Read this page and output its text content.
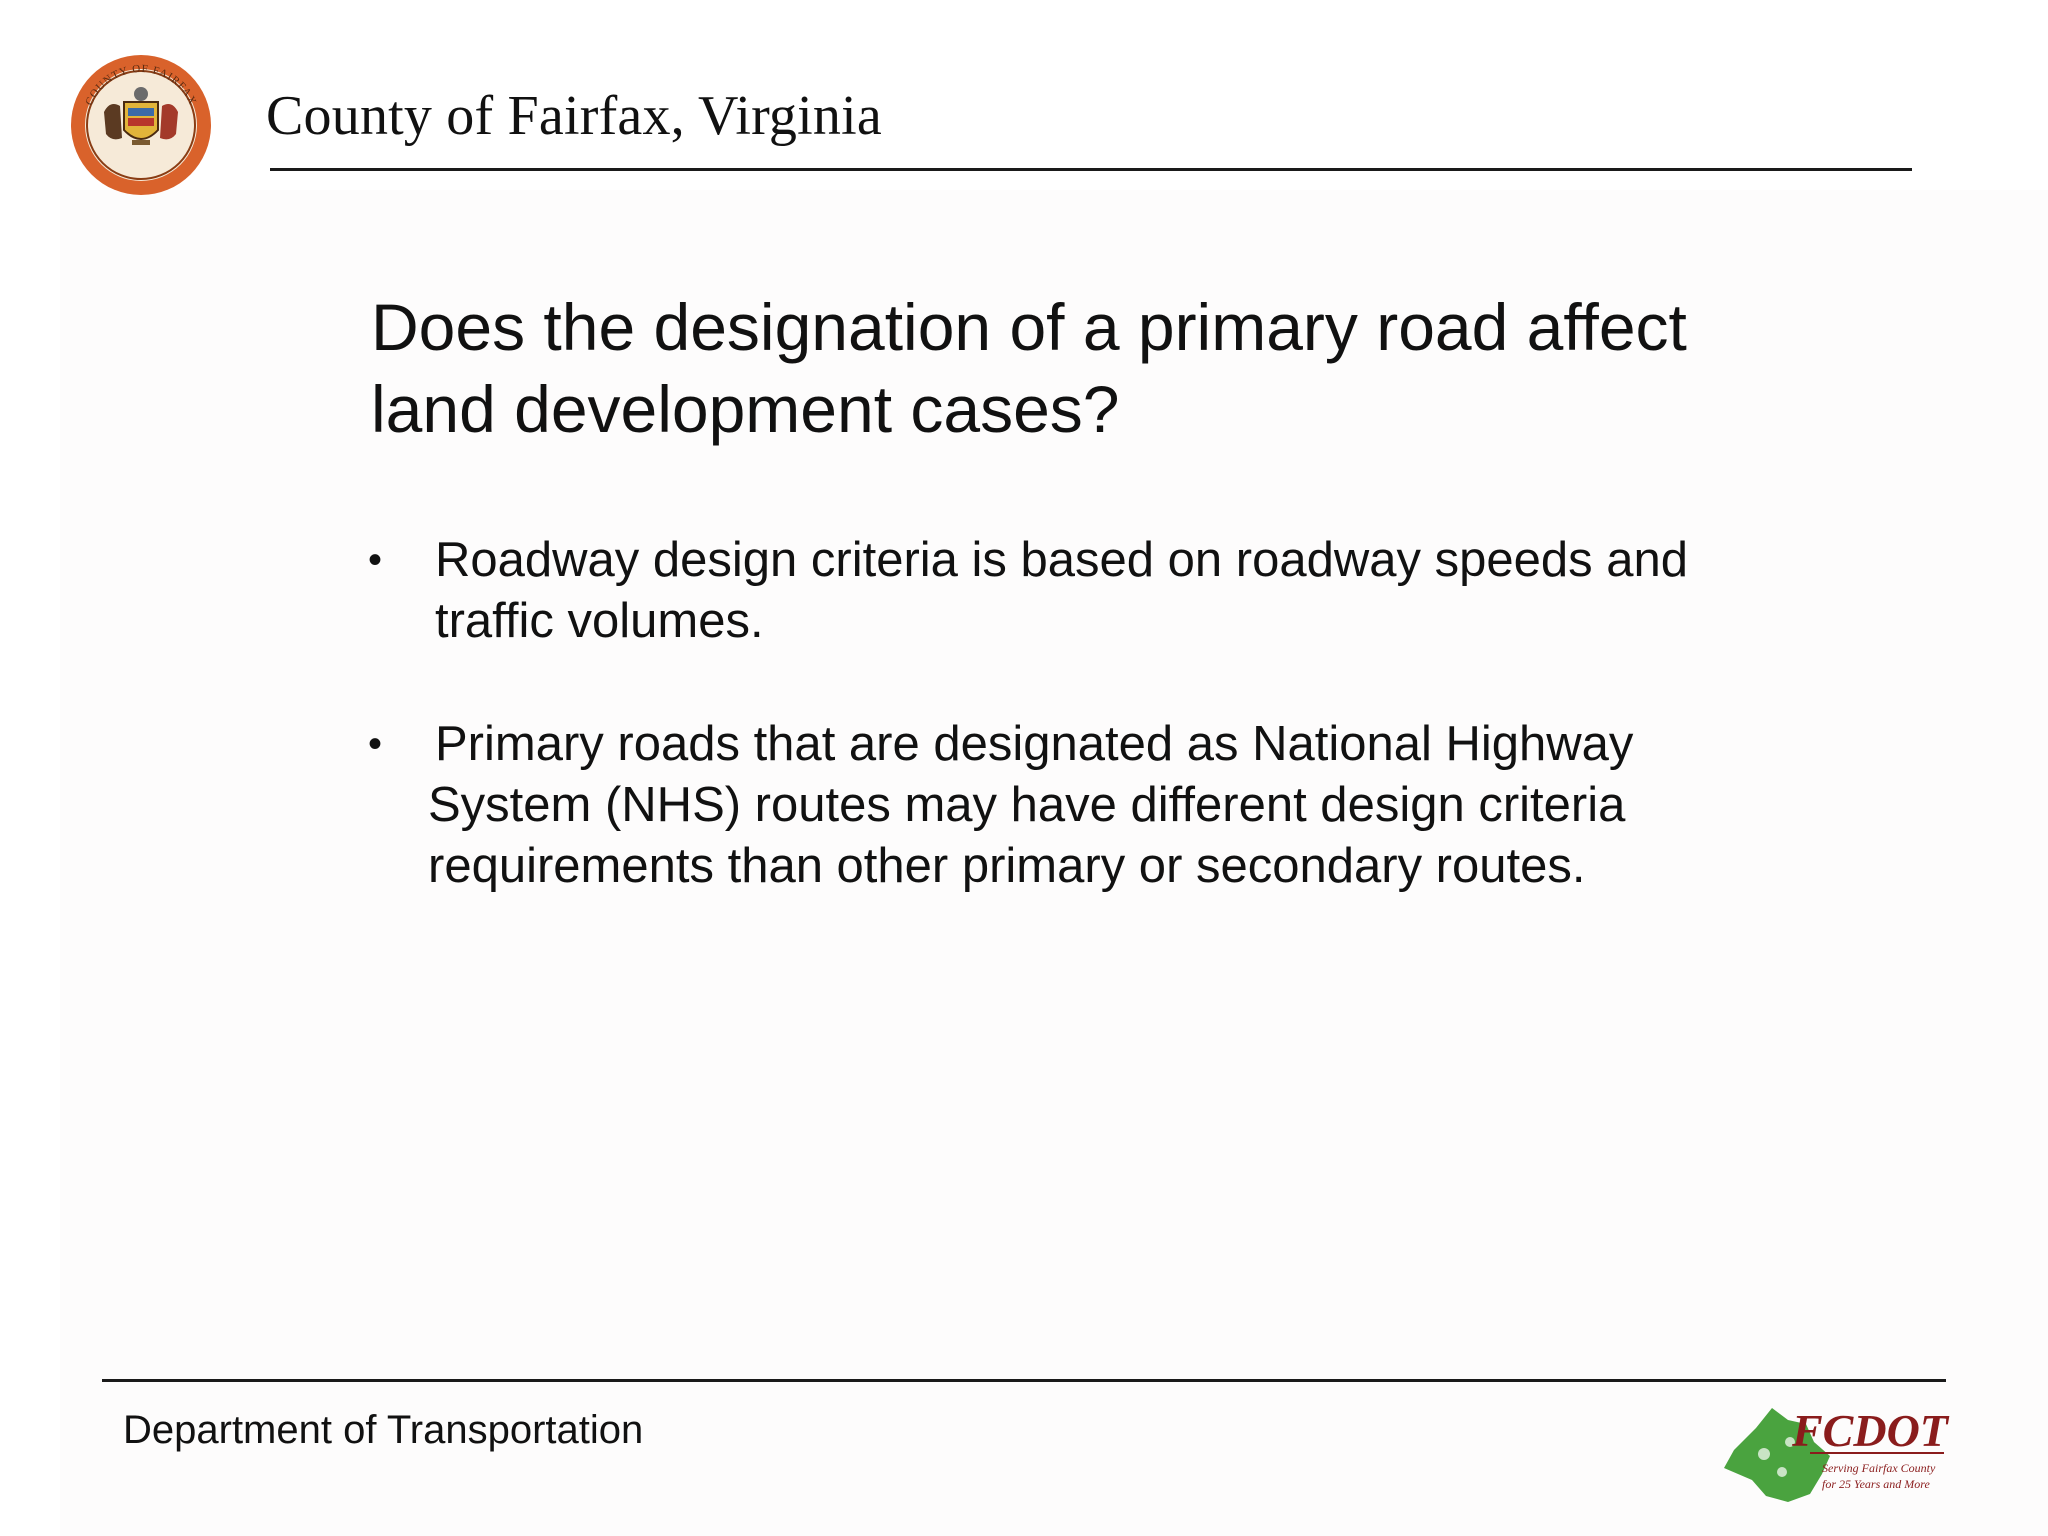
COUNTY OF FAIRFAX County of Fairfax, Virginia
Does the designation of a primary road affect
land development cases?
• Roadway design criteria is based on roadway speeds and
traffic volumes.
• Primary roads that are designated as National Highway
System (NHS) routes may have different design criteria
requirements than other primary or secondary routes.
Department of Transportation	FCDOT
Serving Fairfax County
for 25 Years and More
